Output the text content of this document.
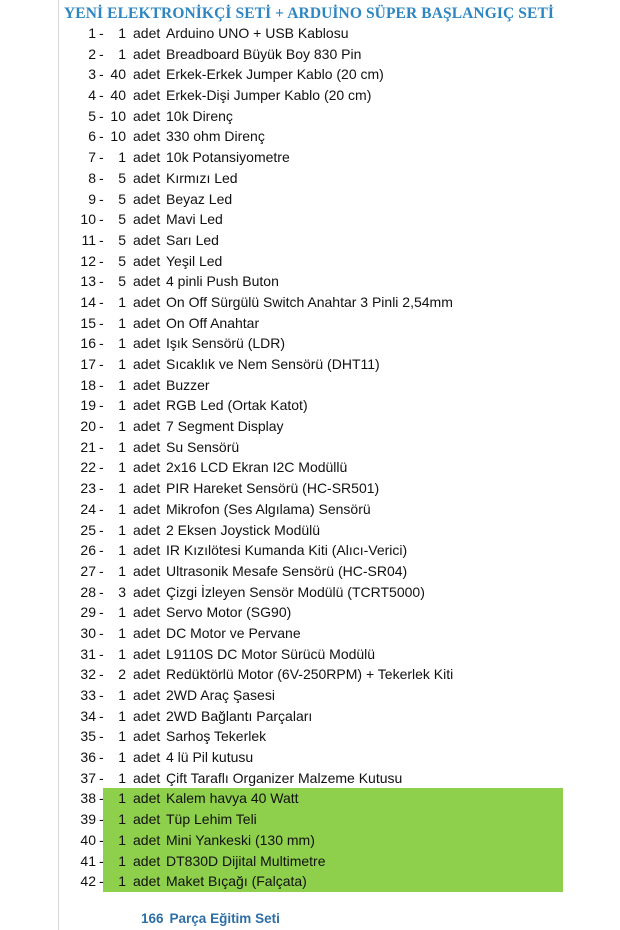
YENİ ELEKTRONİKÇİ SETİ + ARDUİNO SÜPER BAŞLANGIÇ SETİ
1 -	1 adet Arduino UNO + USB Kablosu
2 -	1 adet Breadboard Büyük Boy 830 Pin
3 - 40 adet Erkek-Erkek Jumper Kablo (20 cm)
4 - 40 adet Erkek-Dişi Jumper Kablo (20 cm)
5 - 10 adet 10k Direnç
6 - 10 adet 330 ohm Direnç
7 -	1 adet 10k Potansiyometre
8 -	5 adet Kırmızı Led
9 -	5 adet Beyaz Led
10 -	5 adet Mavi Led
11 -	5 adet Sarı Led
12 -	5 adet Yeşil Led
13 -	5 adet 4 pinli Push Buton
14 -	1 adet On Off Sürgülü Switch Anahtar 3 Pinli 2,54mm
15 -	1 adet On Off Anahtar
16 -	1 adet Işık Sensörü (LDR)
17 -	1 adet Sıcaklık ve Nem Sensörü (DHT11)
18 -	1 adet Buzzer
19 -	1 adet RGB Led (Ortak Katot)
20 -	1 adet 7 Segment Display
21 -	1 adet Su Sensörü
22 -	1 adet 2x16 LCD Ekran I2C Modüllü
23 -	1 adet PIR Hareket Sensörü (HC-SR501)
24 -	1 adet Mikrofon (Ses Algılama) Sensörü
25 -	1 adet 2 Eksen Joystick Modülü
26 -	1 adet IR Kızılötesi Kumanda Kiti (Alıcı-Verici)
27 -	1 adet Ultrasonik Mesafe Sensörü (HC-SR04)
28 -	3 adet Çizgi İzleyen Sensör Modülü (TCRT5000)
29 -	1 adet Servo Motor (SG90)
30 -	1 adet DC Motor ve Pervane
31 -	1 adet L9110S DC Motor Sürücü Modülü
32 -	2 adet Redüktörlü Motor (6V-250RPM) + Tekerlek Kiti
33 -	1 adet 2WD Araç Şasesi
34 -	1 adet 2WD Bağlantı Parçaları
35 -	1 adet Sarhoş Tekerlek
36 -	1 adet 4 lü Pil kutusu
37 -	1 adet Çift Taraflı Organizer Malzeme Kutusu
38 -	1 adet Kalem havya 40 Watt
39 -	1 adet Tüp Lehim Teli
40 -	1 adet Mini Yankeski (130 mm)
41 -	1 adet DT830D Dijital Multimetre
42 -	1 adet Maket Bıçağı (Falçata)
166 Parça Eğitim Seti
